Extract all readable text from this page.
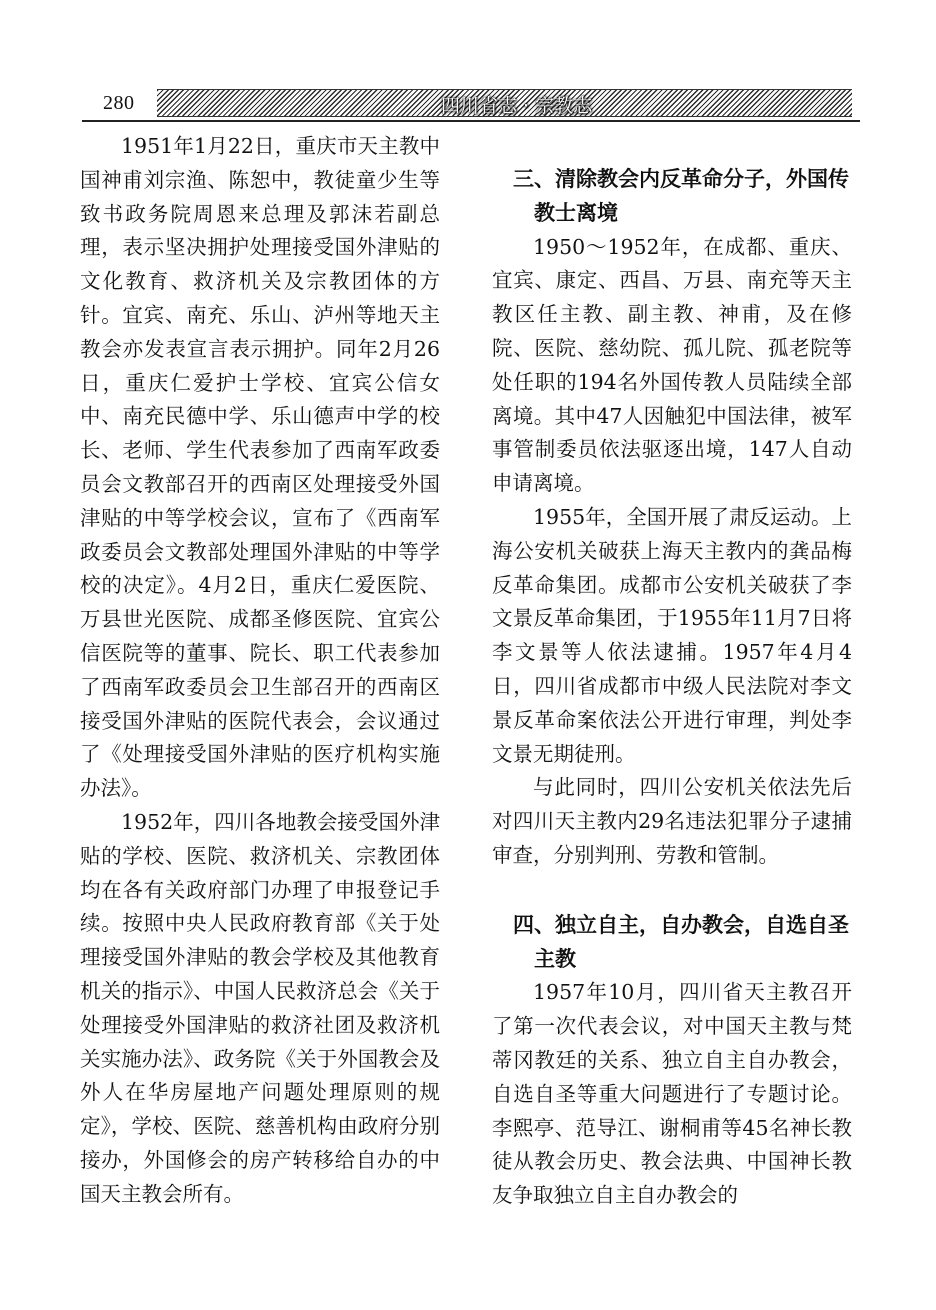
280	四川省志 · 宗教志

1951年1月22日，重庆市天主教中国神甫刘宗渔、陈恕中，教徒童少生等致书政务院周恩来总理及郭沫若副总理，表示坚决拥护处理接受国外津贴的文化教育、救济机关及宗教团体的方针。宜宾、南充、乐山、泸州等地天主教会亦发表宣言表示拥护。同年2月26日，重庆仁爱护士学校、宜宾公信女中、南充民德中学、乐山德声中学的校长、老师、学生代表参加了西南军政委员会文教部召开的西南区处理接受外国津贴的中等学校会议，宣布了《西南军政委员会文教部处理国外津贴的中等学校的决定》。4月2日，重庆仁爱医院、万县世光医院、成都圣修医院、宜宾公信医院等的董事、院长、职工代表参加了西南军政委员会卫生部召开的西南区接受国外津贴的医院代表会，会议通过了《处理接受国外津贴的医疗机构实施办法》。

1952年，四川各地教会接受国外津贴的学校、医院、救济机关、宗教团体均在各有关政府部门办理了申报登记手续。按照中央人民政府教育部《关于处理接受国外津贴的教会学校及其他教育机关的指示》、中国人民救济总会《关于处理接受外国津贴的救济社团及救济机关实施办法》、政务院《关于外国教会及外人在华房屋地产问题处理原则的规定》，学校、医院、慈善机构由政府分别接办，外国修会的房产转移给自办的中国天主教会所有。

三、清除教会内反革命分子，外国传教士离境

1950～1952年，在成都、重庆、宜宾、康定、西昌、万县、南充等天主教区任主教、副主教、神甫，及在修院、医院、慈幼院、孤儿院、孤老院等处任职的194名外国传教人员陆续全部离境。其中47人因触犯中国法律，被军事管制委员依法驱逐出境，147人自动申请离境。

1955年，全国开展了肃反运动。上海公安机关破获上海天主教内的龚品梅反革命集团。成都市公安机关破获了李文景反革命集团，于1955年11月7日将李文景等人依法逮捕。1957年4月4日，四川省成都市中级人民法院对李文景反革命案依法公开进行审理，判处李文景无期徒刑。

与此同时，四川公安机关依法先后对四川天主教内29名违法犯罪分子逮捕审查，分别判刑、劳教和管制。

四、独立自主，自办教会，自选自圣主教

1957年10月，四川省天主教召开了第一次代表会议，对中国天主教与梵蒂冈教廷的关系、独立自主自办教会，自选自圣等重大问题进行了专题讨论。李熙亭、范导江、谢桐甫等45名神长教徒从教会历史、教会法典、中国神长教友争取独立自主自办教会的
